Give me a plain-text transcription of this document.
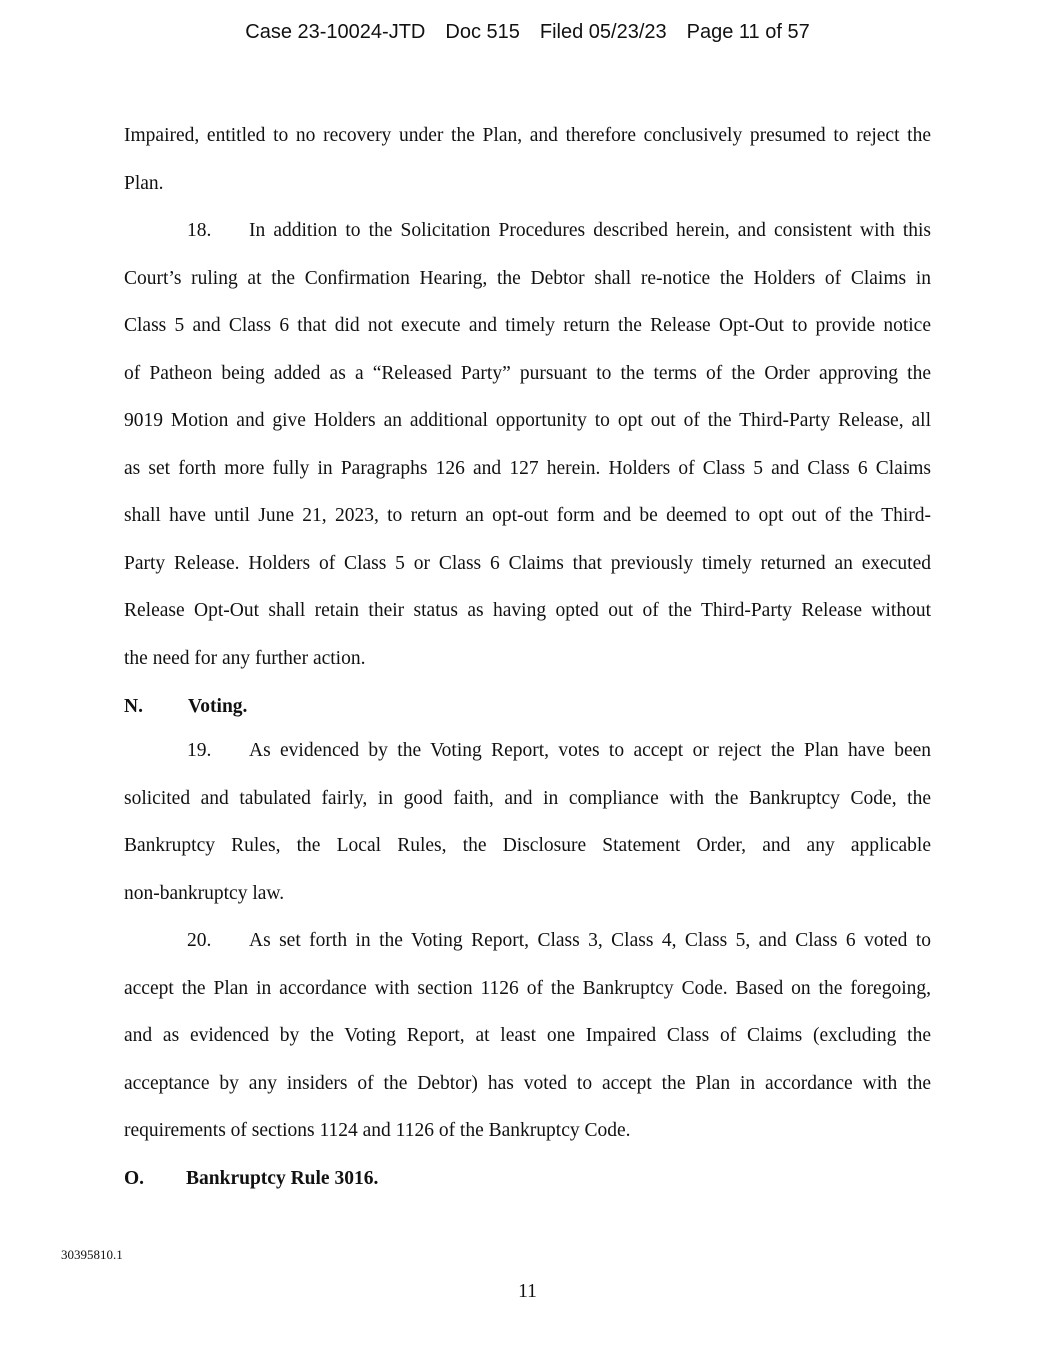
Case 23-10024-JTD Doc 515 Filed 05/23/23 Page 11 of 57
Impaired, entitled to no recovery under the Plan, and therefore conclusively presumed to reject the
Plan.
18. In addition to the Solicitation Procedures described herein, and consistent with this
Court’s ruling at the Confirmation Hearing, the Debtor shall re-notice the Holders of Claims in
Class 5 and Class 6 that did not execute and timely return the Release Opt-Out to provide notice
of Patheon being added as a “Released Party” pursuant to the terms of the Order approving the
9019 Motion and give Holders an additional opportunity to opt out of the Third-Party Release, all
as set forth more fully in Paragraphs 126 and 127 herein. Holders of Class 5 and Class 6 Claims
shall have until June 21, 2023, to return an opt-out form and be deemed to opt out of the Third-
Party Release. Holders of Class 5 or Class 6 Claims that previously timely returned an executed
Release Opt-Out shall retain their status as having opted out of the Third-Party Release without
the need for any further action.
N. Voting.
19. As evidenced by the Voting Report, votes to accept or reject the Plan have been
solicited and tabulated fairly, in good faith, and in compliance with the Bankruptcy Code, the
Bankruptcy Rules, the Local Rules, the Disclosure Statement Order, and any applicable
non-bankruptcy law.
20. As set forth in the Voting Report, Class 3, Class 4, Class 5, and Class 6 voted to
accept the Plan in accordance with section 1126 of the Bankruptcy Code. Based on the foregoing,
and as evidenced by the Voting Report, at least one Impaired Class of Claims (excluding the
acceptance by any insiders of the Debtor) has voted to accept the Plan in accordance with the
requirements of sections 1124 and 1126 of the Bankruptcy Code.
O. Bankruptcy Rule 3016.
30395810.1
11
